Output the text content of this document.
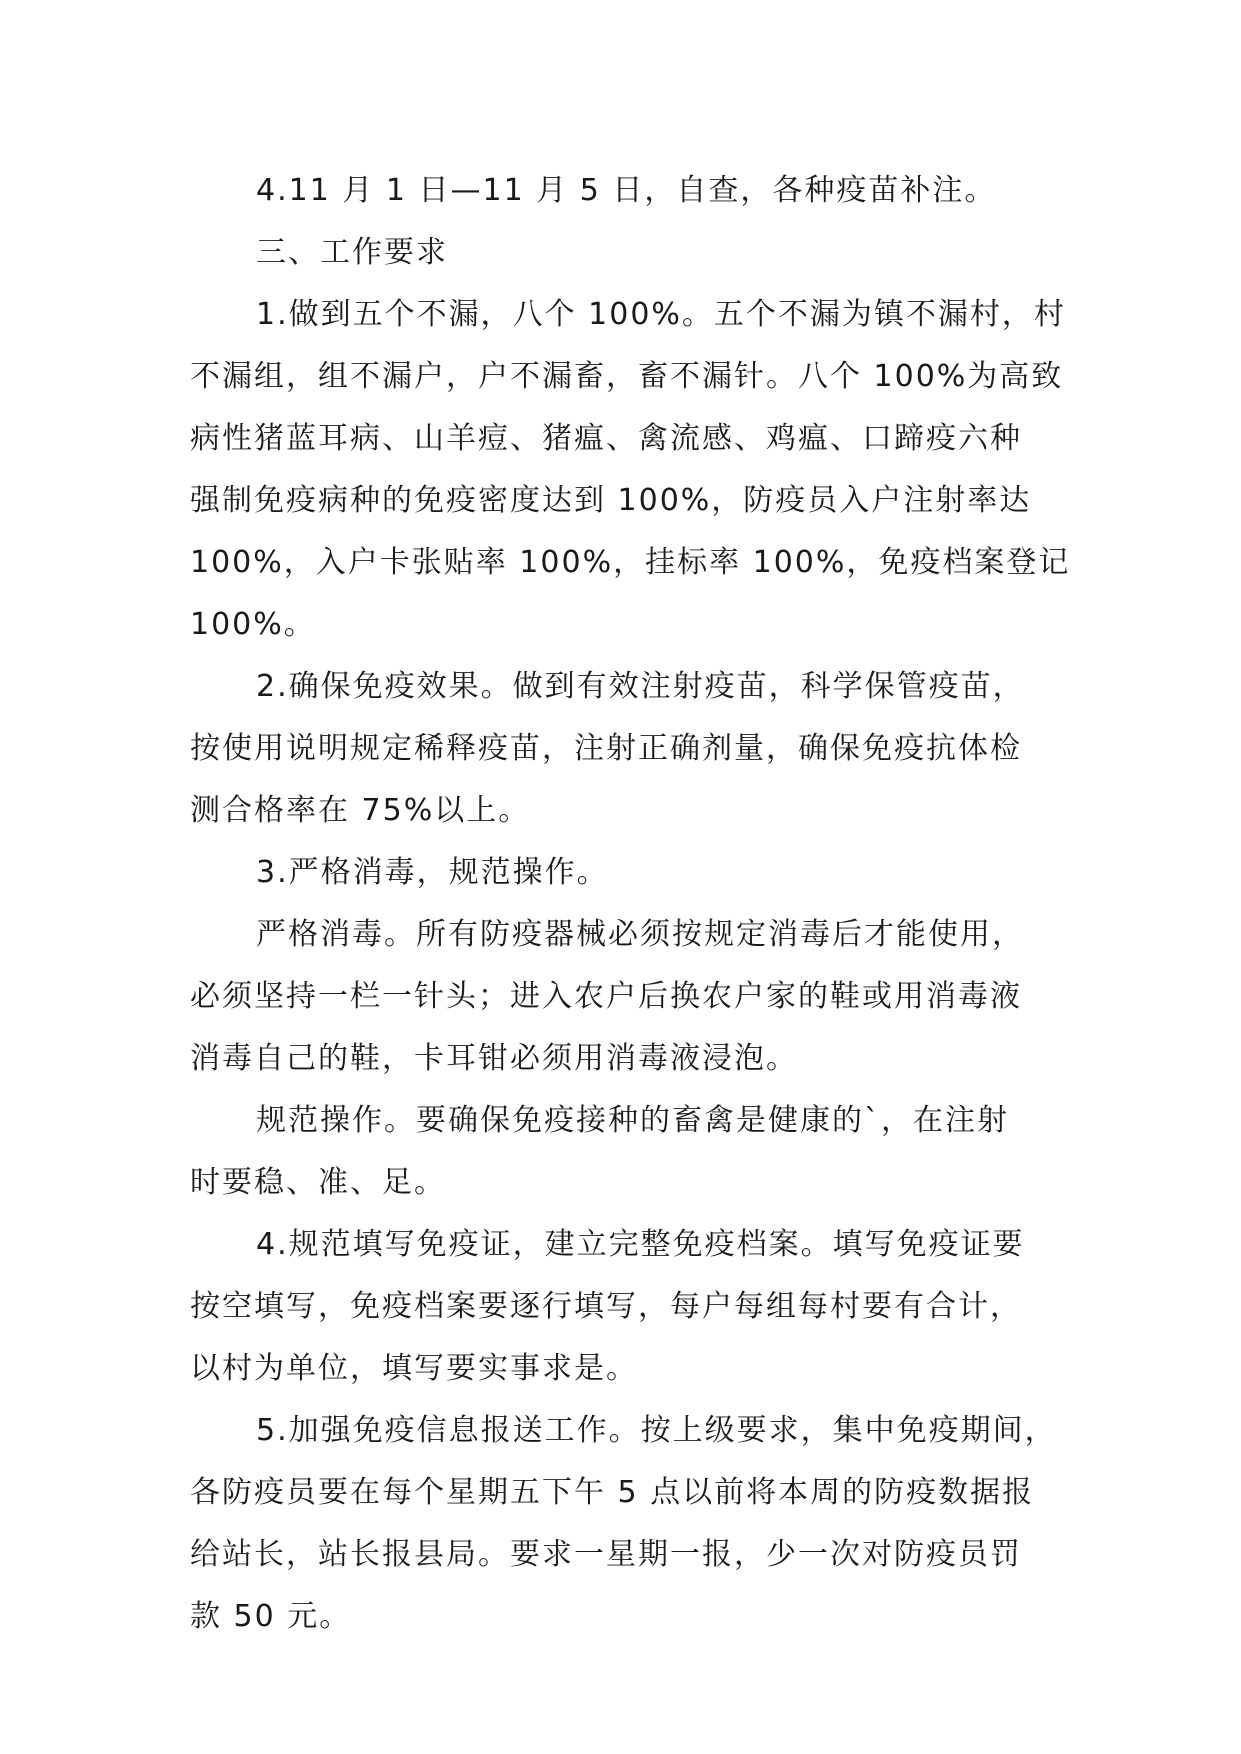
4.11 月 1 日—11 月 5 日，自查，各种疫苗补注。
三、工作要求
1.做到五个不漏，八个 100%。五个不漏为镇不漏村，村
不漏组，组不漏户，户不漏畜，畜不漏针。八个 100%为高致
病性猪蓝耳病、山羊痘、猪瘟、禽流感、鸡瘟、口蹄疫六种
强制免疫病种的免疫密度达到 100%，防疫员入户注射率达
100%，入户卡张贴率 100%，挂标率 100%，免疫档案登记
100%。
2.确保免疫效果。做到有效注射疫苗，科学保管疫苗，
按使用说明规定稀释疫苗，注射正确剂量，确保免疫抗体检
测合格率在 75%以上。
3.严格消毒，规范操作。
严格消毒。所有防疫器械必须按规定消毒后才能使用，
必须坚持一栏一针头；进入农户后换农户家的鞋或用消毒液
消毒自己的鞋，卡耳钳必须用消毒液浸泡。
规范操作。要确保免疫接种的畜禽是健康的`，在注射
时要稳、准、足。
4.规范填写免疫证，建立完整免疫档案。填写免疫证要
按空填写，免疫档案要逐行填写，每户每组每村要有合计，
以村为单位，填写要实事求是。
5.加强免疫信息报送工作。按上级要求，集中免疫期间，
各防疫员要在每个星期五下午 5 点以前将本周的防疫数据报
给站长，站长报县局。要求一星期一报，少一次对防疫员罚
款 50 元。
